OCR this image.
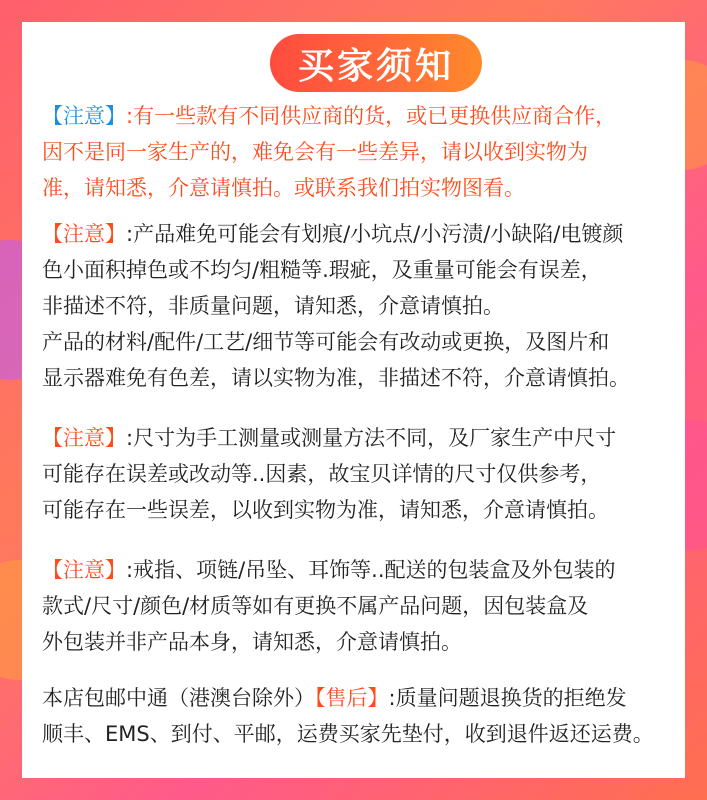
买家须知

【注意】:有一些款有不同供应商的货，或已更换供应商合作，
因不是同一家生产的，难免会有一些差异，请以收到实物为
准，请知悉，介意请慎拍。或联系我们拍实物图看。

【注意】:产品难免可能会有划痕/小坑点/小污渍/小缺陷/电镀颜
色小面积掉色或不均匀/粗糙等.瑕疵，及重量可能会有误差，
非描述不符，非质量问题，请知悉，介意请慎拍。
产品的材料/配件/工艺/细节等可能会有改动或更换，及图片和
显示器难免有色差，请以实物为准，非描述不符，介意请慎拍。

【注意】:尺寸为手工测量或测量方法不同，及厂家生产中尺寸
可能存在误差或改动等..因素，故宝贝详情的尺寸仅供参考，
可能存在一些误差，以收到实物为准，请知悉，介意请慎拍。

【注意】:戒指、项链/吊坠、耳饰等..配送的包装盒及外包装的
款式/尺寸/颜色/材质等如有更换不属产品问题，因包装盒及
外包装并非产品本身，请知悉，介意请慎拍。

本店包邮中通（港澳台除外）【售后】:质量问题退换货的拒绝发
顺丰、EMS、到付、平邮，运费买家先垫付，收到退件返还运费。
